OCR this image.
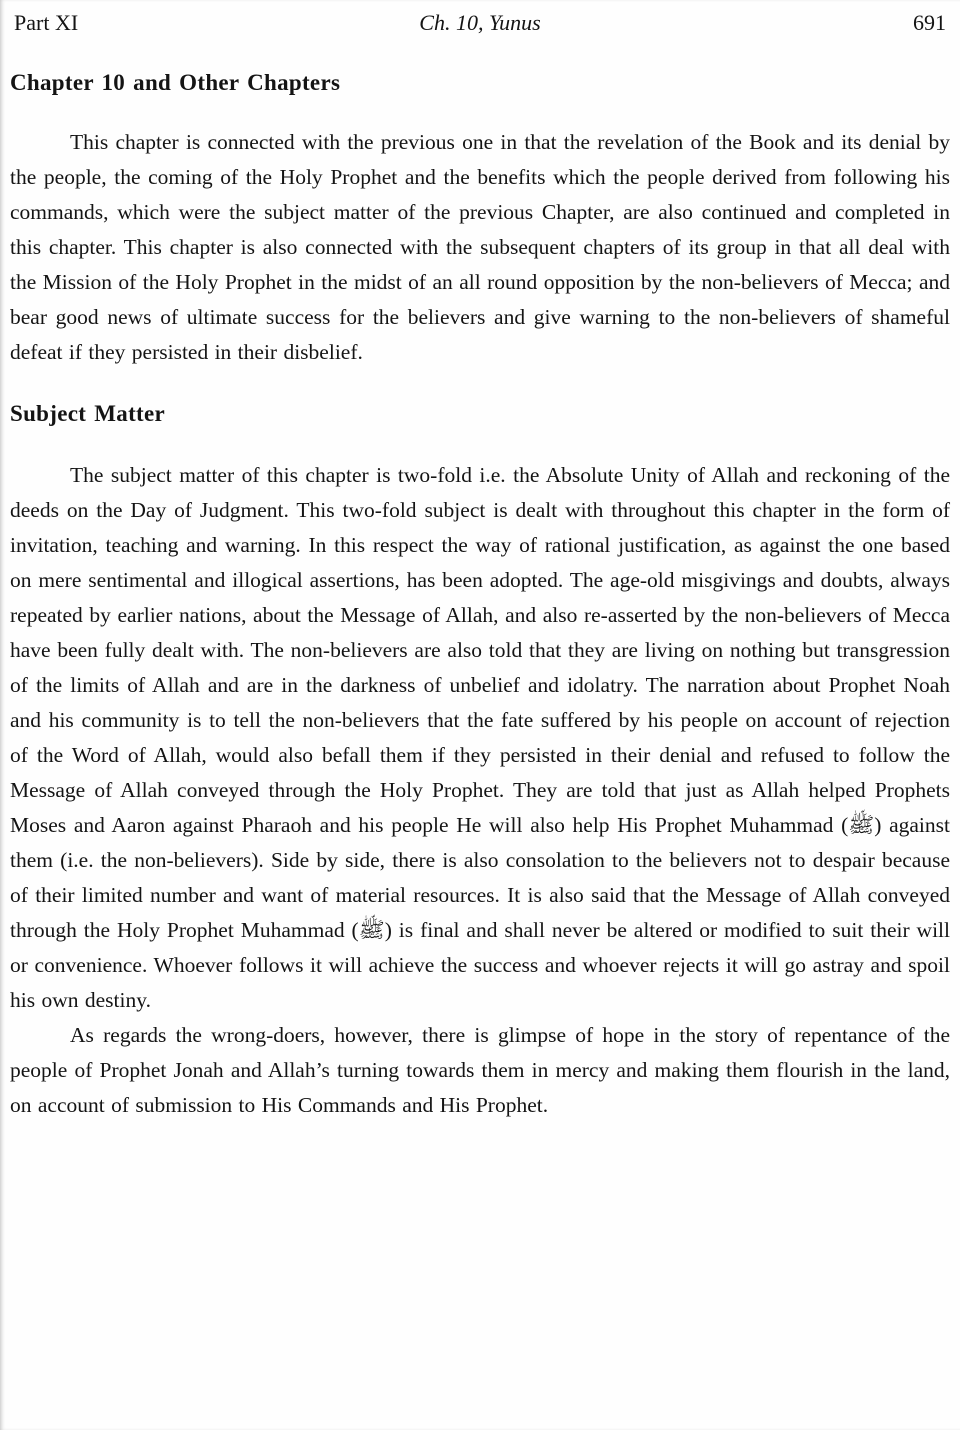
Part XI	Ch. 10, Yunus	691
Chapter 10 and Other Chapters

This chapter is connected with the previous one in that the revelation of the Book and its denial by the people, the coming of the Holy Prophet and the benefits which the people derived from following his commands, which were the subject matter of the previous Chapter, are also continued and completed in this chapter. This chapter is also connected with the subsequent chapters of its group in that all deal with the Mission of the Holy Prophet in the midst of an all round opposition by the non-believers of Mecca; and bear good news of ultimate success for the believers and give warning to the non-believers of shameful defeat if they persisted in their disbelief.

Subject Matter

The subject matter of this chapter is two-fold i.e. the Absolute Unity of Allah and reckoning of the deeds on the Day of Judgment. This two-fold subject is dealt with throughout this chapter in the form of invitation, teaching and warning. In this respect the way of rational justification, as against the one based on mere sentimental and illogical assertions, has been adopted. The age-old misgivings and doubts, always repeated by earlier nations, about the Message of Allah, and also re-asserted by the non-believers of Mecca have been fully dealt with. The non-believers are also told that they are living on nothing but transgression of the limits of Allah and are in the darkness of unbelief and idolatry. The narration about Prophet Noah and his community is to tell the non-believers that the fate suffered by his people on account of rejection of the Word of Allah, would also befall them if they persisted in their denial and refused to follow the Message of Allah conveyed through the Holy Prophet. They are told that just as Allah helped Prophets Moses and Aaron against Pharaoh and his people He will also help His Prophet Muhammad (ﷺ) against them (i.e. the non-believers). Side by side, there is also consolation to the believers not to despair because of their limited number and want of material resources. It is also said that the Message of Allah conveyed through the Holy Prophet Muhammad (ﷺ) is final and shall never be altered or modified to suit their will or convenience. Whoever follows it will achieve the success and whoever rejects it will go astray and spoil his own destiny.

As regards the wrong-doers, however, there is glimpse of hope in the story of repentance of the people of Prophet Jonah and Allah’s turning towards them in mercy and making them flourish in the land, on account of submission to His Commands and His Prophet.
